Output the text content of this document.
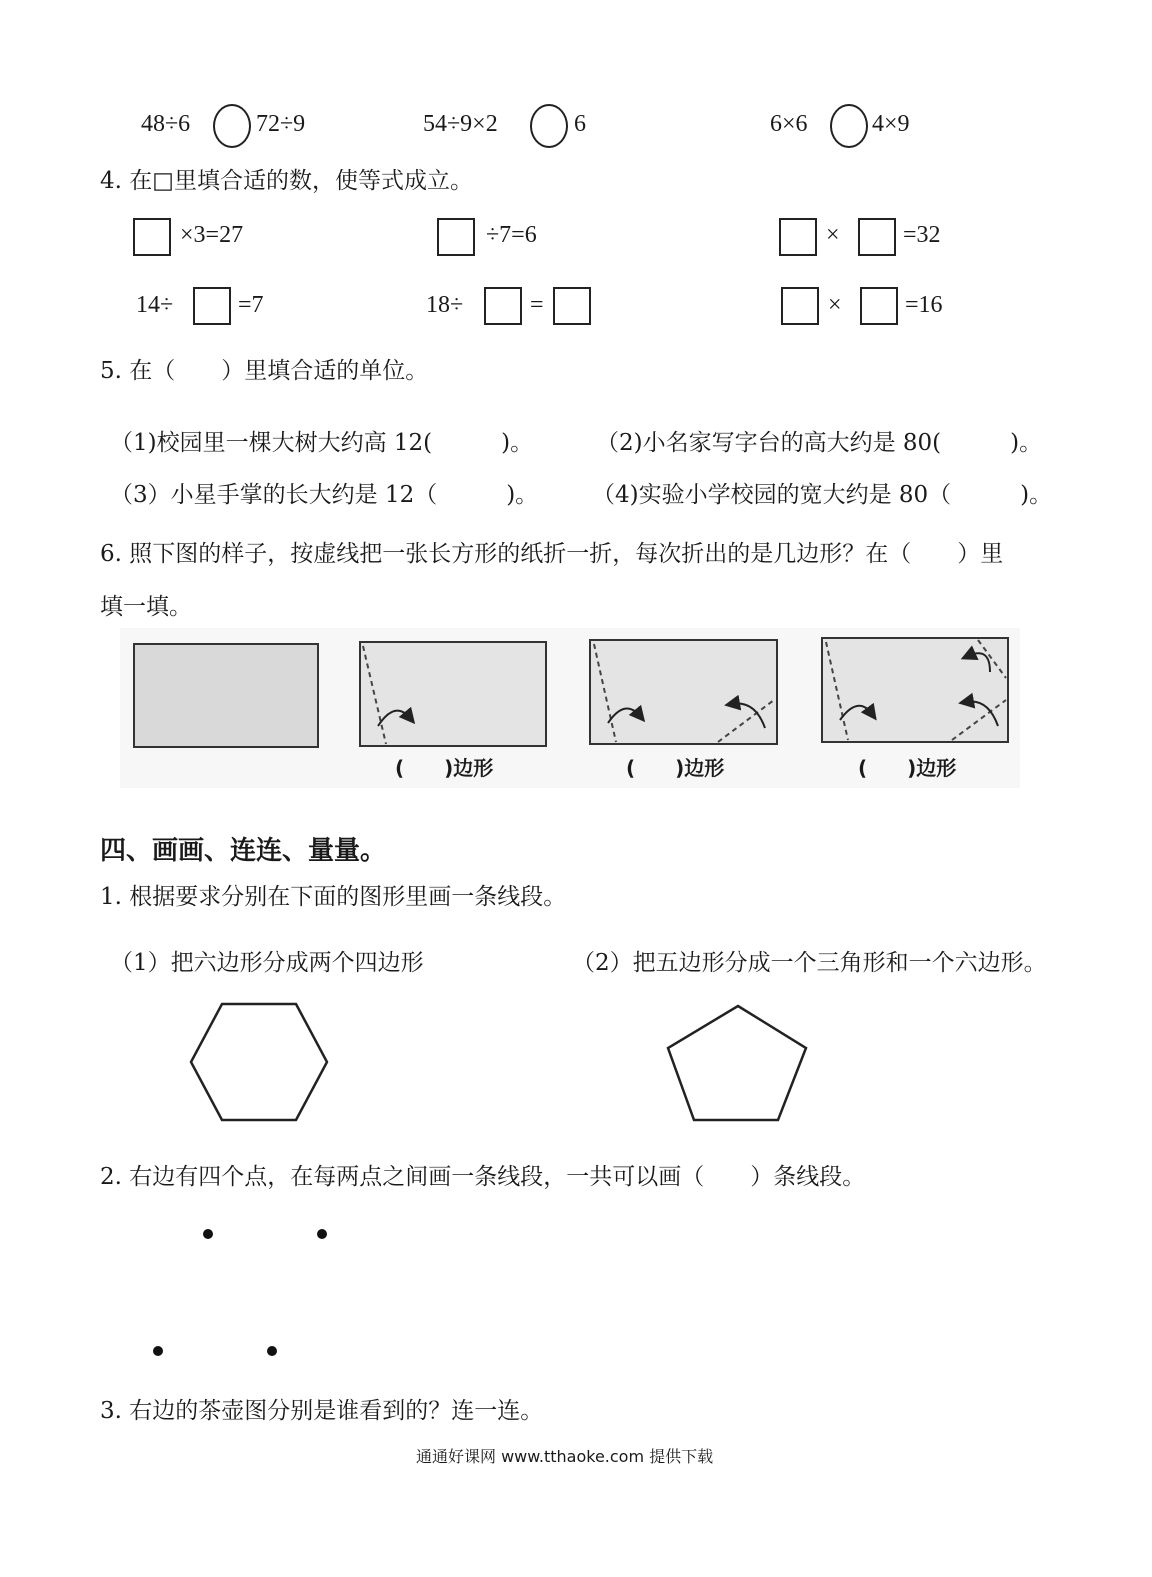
48÷6	72÷9	54÷9×2	6	6×6	4×9
4. 在□里填合适的数，使等式成立。
×3=27	÷7=6	×	=32
14÷	=7	18÷	=	×	=16
5. 在（　　）里填合适的单位。
（1)校园里一棵大树大约高 12(　　　)。	（2)小名家写字台的高大约是 80(　　　)。
（3）小星手掌的长大约是 12（　　　)。 （4)实验小学校园的宽大约是 80（　　　)。
6. 照下图的样子，按虚线把一张长方形的纸折一折，每次折出的是几边形？在（　　）里
填一填。
(　　)边形	(　　)边形	(　　)边形
四、画画、连连、量量。
1. 根据要求分别在下面的图形里画一条线段。
（1）把六边形分成两个四边形	（2）把五边形分成一个三角形和一个六边形。
2. 右边有四个点，在每两点之间画一条线段，一共可以画（　　）条线段。
3. 右边的茶壶图分别是谁看到的？连一连。
通通好课网 www.tthaoke.com 提供下载
